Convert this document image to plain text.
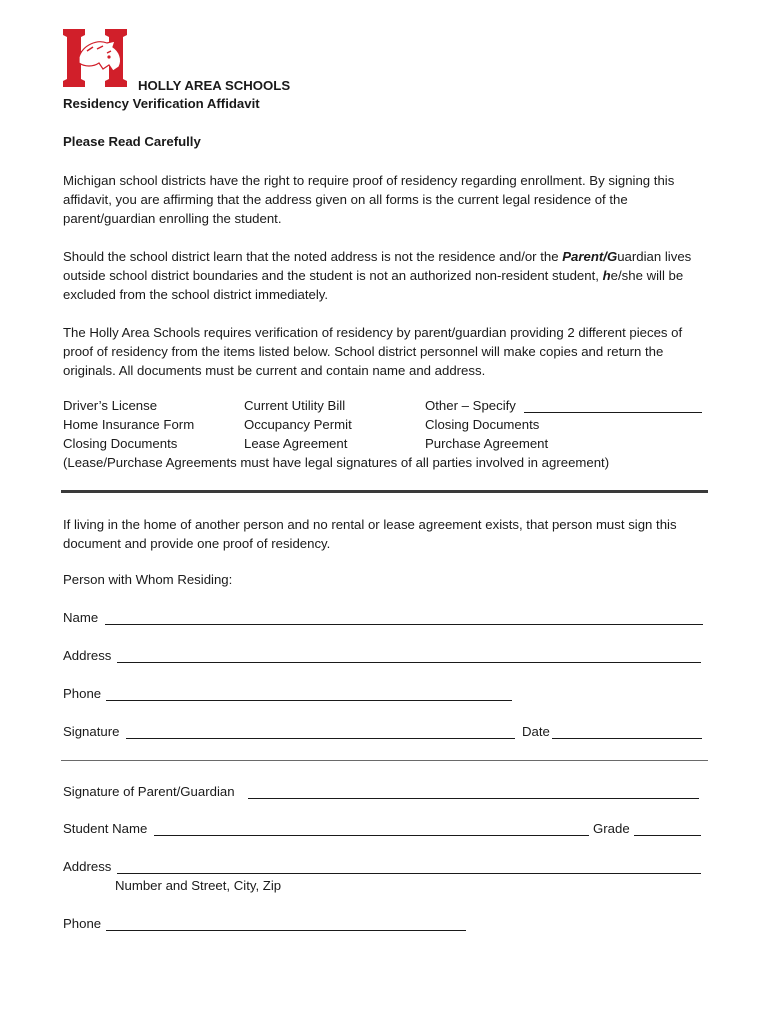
HOLLY AREA SCHOOLS
Residency Verification Affidavit
Please Read Carefully
Michigan school districts have the right to require proof of residency regarding enrollment. By signing this affidavit, you are affirming that the address given on all forms is the current legal residence of the parent/guardian enrolling the student.
Should the school district learn that the noted address is not the residence and/or the Parent/Guardian lives outside school district boundaries and the student is not an authorized non-resident student, he/she will be excluded from the school district immediately.
The Holly Area Schools requires verification of residency by parent/guardian providing 2 different pieces of proof of residency from the items listed below. School district personnel will make copies and return the originals. All documents must be current and contain name and address.
Driver’s License
Home Insurance Form
Closing Documents
Current Utility Bill
Occupancy Permit
Lease Agreement
Other – Specify
Closing Documents
Purchase Agreement
(Lease/Purchase Agreements must have legal signatures of all parties involved in agreement)
If living in the home of another person and no rental or lease agreement exists, that person must sign this document and provide one proof of residency.
Person with Whom Residing:
Name
Address
Phone
Signature	Date
Signature of Parent/Guardian
Student Name	Grade
Address
Number and Street, City, Zip
Phone
